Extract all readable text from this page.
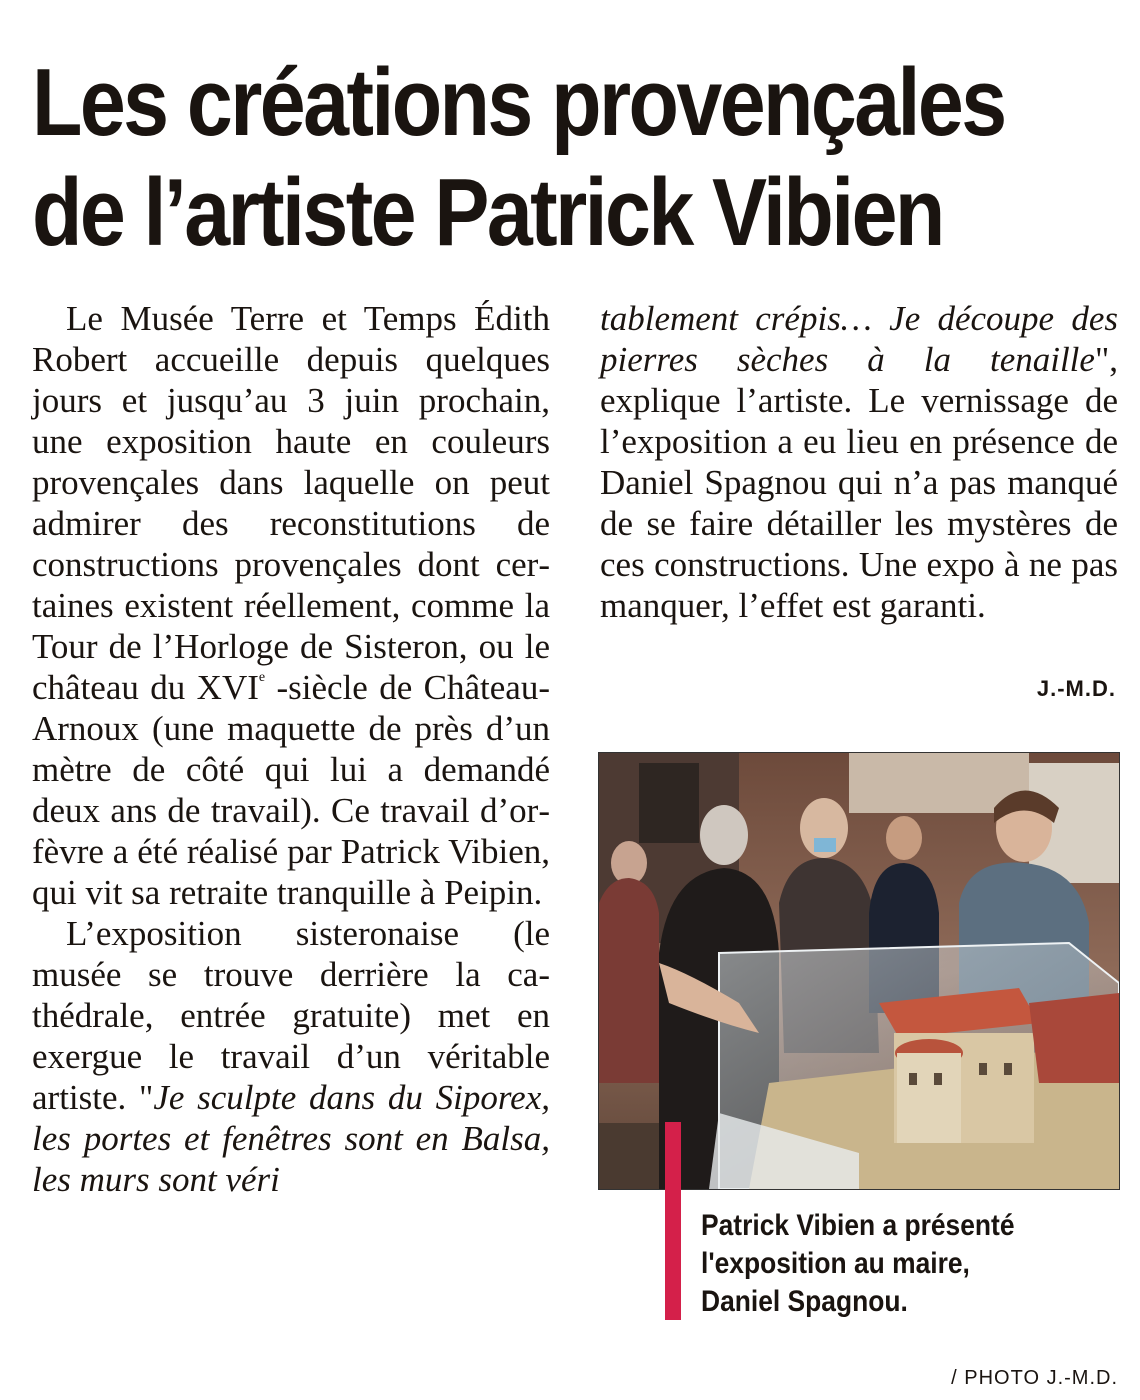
Les créations provençales
de l’artiste Patrick Vibien

Le Musée Terre et Temps Édith Robert accueille depuis quelques jours et jusqu’au 3 juin prochain, une exposition haute en couleurs provençales dans laquelle on peut admirer des reconstitutions de constructions provençales dont certaines existent réellement, comme la Tour de l’Horloge de Sisteron, ou le château du XVIe -siècle de Château-Arnoux (une maquette de près d’un mètre de côté qui lui a demandé deux ans de travail). Ce travail d’orfèvre a été réalisé par Patrick Vibien, qui vit sa retraite tranquille à Peipin.

L’exposition sisteronaise (le musée se trouve derrière la cathédrale, entrée gratuite) met en exergue le travail d’un véritable artiste. "Je sculpte dans du Siporex, les portes et fenêtres sont en Balsa, les murs sont véri

tablement crépis… Je découpe des pierres sèches à la tenaille", explique l’artiste. Le vernissage de l’exposition a eu lieu en présence de Daniel Spagnou qui n’a pas manqué de se faire détailler les mystères de ces constructions. Une expo à ne pas manquer, l’effet est garanti.

J.-M.D.
Patrick Vibien a présenté
l'exposition au maire,
Daniel Spagnou.
/ PHOTO J.-M.D.
